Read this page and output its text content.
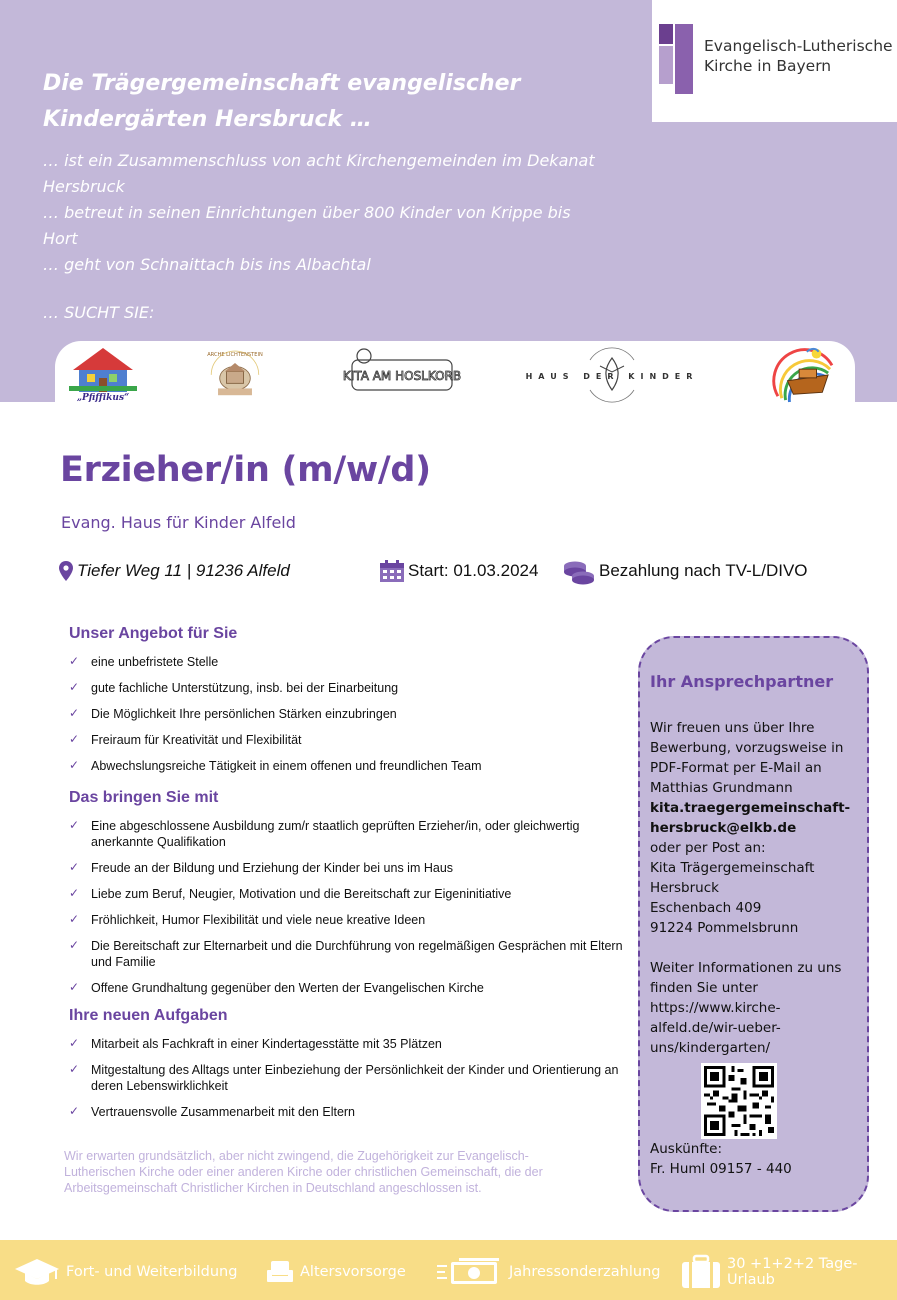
Evangelisch-Lutherische
Kirche in Bayern
Die Trägergemeinschaft evangelischer
Kindergärten Hersbruck …
… ist ein Zusammenschluss von acht Kirchengemeinden im Dekanat
Hersbruck
… betreut in seinen Einrichtungen über 800 Kinder von Krippe bis
Hort
… geht von Schnaittach bis ins Albachtal
… SUCHT SIE:
„Pfiffikus“
ARCHE LICHTENSTEIN
KITA AM HOSLKORB	HAUS DER KINDER
Erzieher/in (m/w/d)
Evang. Haus für Kinder Alfeld
Tiefer Weg 11 | 91236 Alfeld	Start: 01.03.2024	Bezahlung nach TV-L/DIVO
Unser Angebot für Sie
✓ eine unbefristete Stelle
✓ gute fachliche Unterstützung, insb. bei der Einarbeitung
✓ Die Möglichkeit Ihre persönlichen Stärken einzubringen
✓ Freiraum für Kreativität und Flexibilität
✓ Abwechslungsreiche Tätigkeit in einem offenen und freundlichen Team
Das bringen Sie mit
✓ Eine abgeschlossene Ausbildung zum/r staatlich geprüften Erzieher/in, oder gleichwertig anerkannte Qualifikation
✓ Freude an der Bildung und Erziehung der Kinder bei uns im Haus
✓ Liebe zum Beruf, Neugier, Motivation und die Bereitschaft zur Eigeninitiative
✓ Fröhlichkeit, Humor Flexibilität und viele neue kreative Ideen
✓ Die Bereitschaft zur Elternarbeit und die Durchführung von regelmäßigen Gesprächen mit Eltern und Familie
✓ Offene Grundhaltung gegenüber den Werten der Evangelischen Kirche
Ihre neuen Aufgaben
✓ Mitarbeit als Fachkraft in einer Kindertagesstätte mit 35 Plätzen
✓ Mitgestaltung des Alltags unter Einbeziehung der Persönlichkeit der Kinder und Orientierung an deren Lebenswirklichkeit
✓ Vertrauensvolle Zusammenarbeit mit den Eltern
Wir erwarten grundsätzlich, aber nicht zwingend, die Zugehörigkeit zur Evangelisch-Lutherischen Kirche oder einer anderen Kirche oder christlichen Gemeinschaft, die der Arbeitsgemeinschaft Christlicher Kirchen in Deutschland angeschlossen ist.
Ihr Ansprechpartner
Wir freuen uns über Ihre
Bewerbung, vorzugsweise in
PDF-Format per E-Mail an
Matthias Grundmann
kita.traegergemeinschaft-
hersbruck@elkb.de
oder per Post an:
Kita Trägergemeinschaft
Hersbruck
Eschenbach 409
91224 Pommelsbrunn
Weiter Informationen zu uns
finden Sie unter
https://www.kirche-
alfeld.de/wir-ueber-
uns/kindergarten/
Auskünfte:
Fr. Huml 09157 - 440
Fort- und Weiterbildung	Altersvorsorge	Jahressonderzahlung	30 +1+2+2 Tage-Urlaub
